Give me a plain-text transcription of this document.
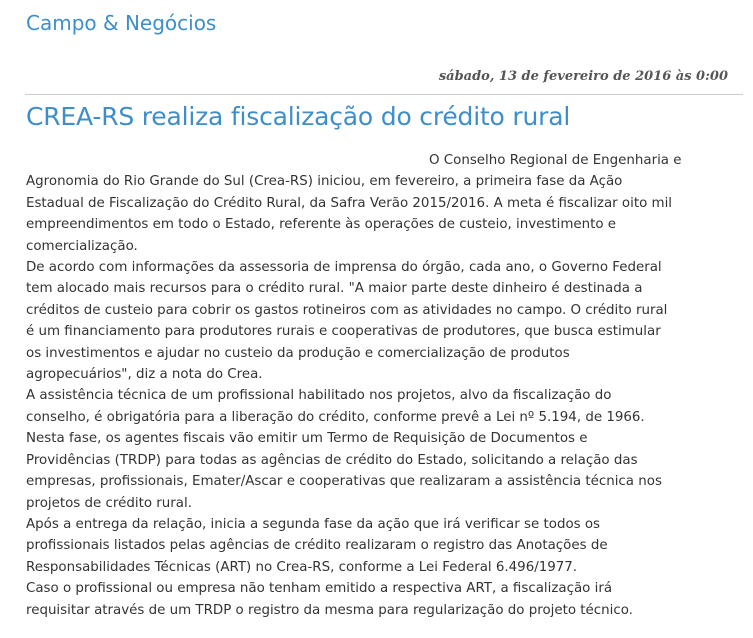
Campo & Negócios
sábado, 13 de fevereiro de 2016 às 0:00
CREA-RS realiza fiscalização do crédito rural
O Conselho Regional de Engenharia e
Agronomia do Rio Grande do Sul (Crea-RS) iniciou, em fevereiro, a primeira fase da Ação
Estadual de Fiscalização do Crédito Rural, da Safra Verão 2015/2016. A meta é fiscalizar oito mil
empreendimentos em todo o Estado, referente às operações de custeio, investimento e
comercialização.
De acordo com informações da assessoria de imprensa do órgão, cada ano, o Governo Federal
tem alocado mais recursos para o crédito rural. "A maior parte deste dinheiro é destinada a
créditos de custeio para cobrir os gastos rotineiros com as atividades no campo. O crédito rural
é um financiamento para produtores rurais e cooperativas de produtores, que busca estimular
os investimentos e ajudar no custeio da produção e comercialização de produtos
agropecuários", diz a nota do Crea.
A assistência técnica de um profissional habilitado nos projetos, alvo da fiscalização do
conselho, é obrigatória para a liberação do crédito, conforme prevê a Lei nº 5.194, de 1966.
Nesta fase, os agentes fiscais vão emitir um Termo de Requisição de Documentos e
Providências (TRDP) para todas as agências de crédito do Estado, solicitando a relação das
empresas, profissionais, Emater/Ascar e cooperativas que realizaram a assistência técnica nos
projetos de crédito rural.
Após a entrega da relação, inicia a segunda fase da ação que irá verificar se todos os
profissionais listados pelas agências de crédito realizaram o registro das Anotações de
Responsabilidades Técnicas (ART) no Crea-RS, conforme a Lei Federal 6.496/1977.
Caso o profissional ou empresa não tenham emitido a respectiva ART, a fiscalização irá
requisitar através de um TRDP o registro da mesma para regularização do projeto técnico.
